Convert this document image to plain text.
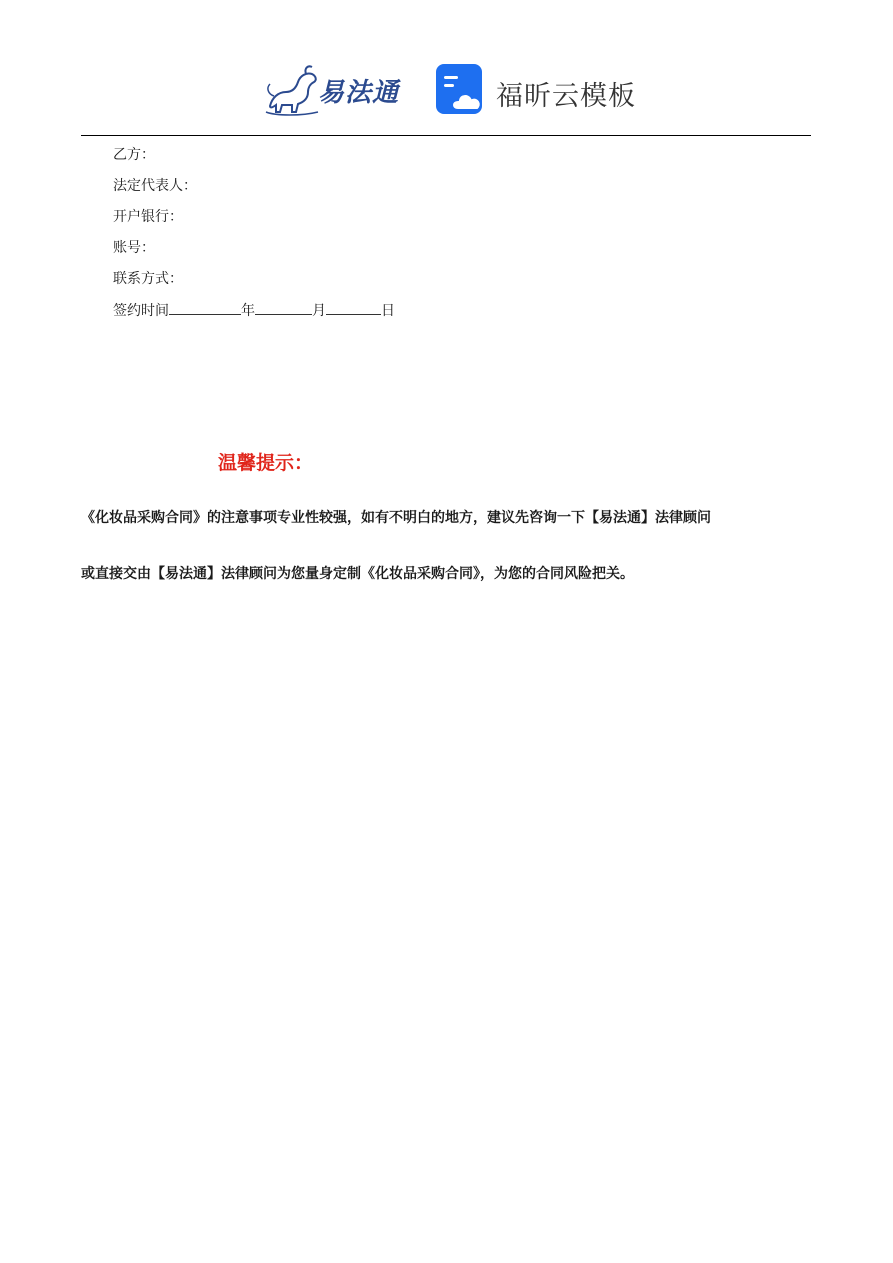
易法通	福昕云模板
乙方：
法定代表人：
开户银行：
账号：
联系方式：
签约时间	年	月	日
温馨提示：
《化妆品采购合同》的注意事项专业性较强，如有不明白的地方，建议先咨询一下【易法通】法律顾问
或直接交由【易法通】法律顾问为您量身定制《化妆品采购合同》，为您的合同风险把关。
